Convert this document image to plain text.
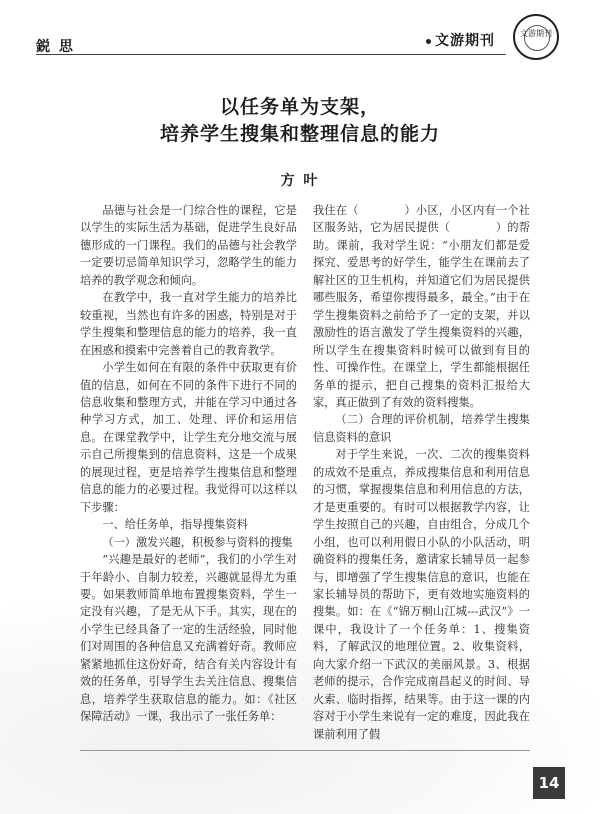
鋭 思	文游期刊	文游期刊
以任务单为支架，
培养学生搜集和整理信息的能力
方 叶

品德与社会是一门综合性的课程，它是以学生的实际生活为基础，促进学生良好品德形成的一门课程。我们的品德与社会教学一定要切忌简单知识学习，忽略学生的能力培养的教学观念和倾向。

在教学中，我一直对学生能力的培养比较重视，当然也有许多的困惑，特别是对于学生搜集和整理信息的能力的培养，我一直在困惑和摸索中完善着自己的教育教学。

小学生如何在有限的条件中获取更有价值的信息，如何在不同的条件下进行不同的信息收集和整理方式，并能在学习中通过各种学习方式，加工、处理、评价和运用信息。在课堂教学中，让学生充分地交流与展示自己所搜集到的信息资料，这是一个成果的展现过程，更是培养学生搜集信息和整理信息的能力的必要过程。我觉得可以这样以下步骤：

一、给任务单，指导搜集资料

（一）激发兴趣，积极参与资料的搜集

“兴趣是最好的老师”，我们的小学生对于年龄小、自制力较差，兴趣就显得尤为重要。如果教师简单地布置搜集资料，学生一定没有兴趣，了是无从下手。其实，现在的小学生已经具备了一定的生活经验，同时他们对周围的各种信息又充满着好奇。教师应紧紧地抓住这份好奇，结合有关内容设计有效的任务单，引导学生去关注信息、搜集信息，培养学生获取信息的能力。如：《社区保障活动》一课，我出示了一张任务单：

我住在（　　　　）小区，小区内有一个社区服务站，它为居民提供（　　　　）的帮助。课前，我对学生说：“小朋友们都是爱探究、爱思考的好学生，能学生在课前去了解社区的卫生机构，并知道它们为居民提供哪些服务，希望你搜得最多，最全。”由于在学生搜集资料之前给予了一定的支架，并以激励性的语言激发了学生搜集资料的兴趣，所以学生在搜集资料时候可以做到有目的性、可操作性。在课堂上，学生都能根据任务单的提示，把自己搜集的资料汇报给大家，真正做到了有效的资料搜集。

（二）合理的评价机制，培养学生搜集信息资料的意识

对于学生来说，一次、二次的搜集资料的成效不是重点，养成搜集信息和利用信息的习惯，掌握搜集信息和利用信息的方法，才是更重要的。有时可以根据教学内容，让学生按照自己的兴趣，自由组合，分成几个小组，也可以利用假日小队的小队活动，明确资料的搜集任务，邀请家长辅导员一起参与，即增强了学生搜集信息的意识，也能在家长辅导员的帮助下，更有效地实施资料的搜集。如：在《“锦万桐山江城---武汉”》一课中，我设计了一个任务单：1、搜集资料，了解武汉的地理位置。2、收集资料，向大家介绍一下武汉的美丽风景。3、根据老师的提示，合作完成南昌起义的时间、导火索、临时指挥，结果等。由于这一课的内容对于小学生来说有一定的难度，因此我在课前利用了假

14
